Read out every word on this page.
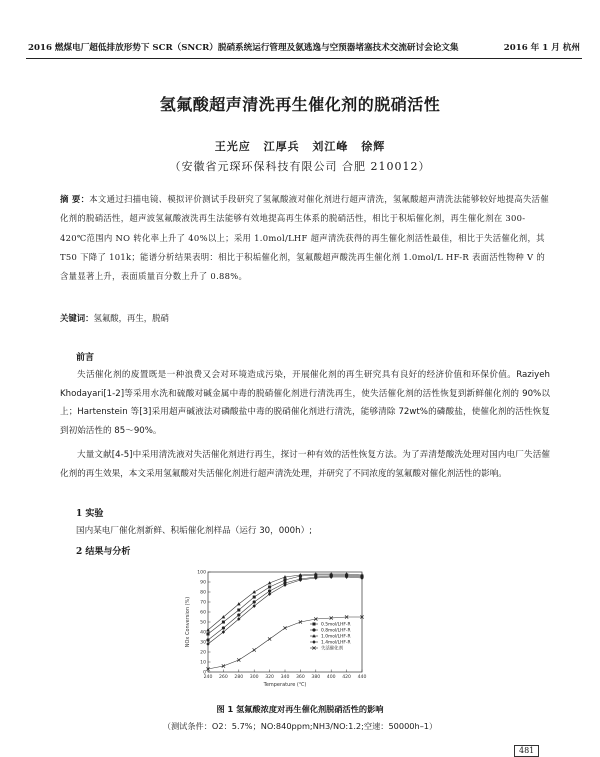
2016 燃煤电厂超低排放形势下 SCR（SNCR）脱硝系统运行管理及氨逃逸与空预器堵塞技术交流研讨会论文集	2016 年 1 月 杭州
氢氟酸超声清洗再生催化剂的脱硝活性
王光应 江厚兵 刘江峰 徐辉
（安徽省元琛环保科技有限公司 合肥 210012）
摘 要：本文通过扫描电镜、模拟评价测试手段研究了氢氟酸液对催化剂进行超声清洗，氢氟酸超声清洗法能够较好地提高失活催化剂的脱硝活性，超声波氢氟酸液洗再生法能够有效地提高再生体系的脱硝活性，相比于积垢催化剂，再生催化剂在 300-420℃范围内 NO 转化率上升了 40%以上；采用 1.0mol/LHF 超声清洗获得的再生催化剂活性最佳，相比于失活催化剂，其 T50 下降了 101k；能谱分析结果表明：相比于积垢催化剂，氢氟酸超声酸洗再生催化剂 1.0mol/L HF-R 表面活性物种 V 的含量显著上升，表面质量百分数上升了 0.88%。
关键词：氢氟酸，再生，脱硝
前言
失活催化剂的废置既是一种浪费又会对环境造成污染，开展催化剂的再生研究具有良好的经济价值和环保价值。Raziyeh Khodayari[1-2]等采用水洗和硫酸对碱金属中毒的脱硝催化剂进行清洗再生，使失活催化剂的活性恢复到新鲜催化剂的 90%以上；Hartenstein 等[3]采用超声碱液法对磷酸盐中毒的脱硝催化剂进行清洗，能够清除 72wt%的磷酸盐，使催化剂的活性恢复到初始活性的 85～90%。
大量文献[4-5]中采用清洗液对失活催化剂进行再生，探讨一种有效的活性恢复方法。为了弄清楚酸洗处理对国内电厂失活催化剂的再生效果，本文采用氢氟酸对失活催化剂进行超声清洗处理，并研究了不同浓度的氢氟酸对催化剂活性的影响。
1 实验
国内某电厂催化剂新鲜、积垢催化剂样品（运行 30，000h）;
2 结果与分析
0
10
20
30
40
50
60
70
80
90
100
240 260 280 300 320 340 360 380 400 420 440
Temperature (℃)
NOx Conversion (%)	0.5mol/LHF-R
0.8mol/LHF-R
1.0mol/LHF-R
1.4mol/LHF-R
失活催化剂
图 1 氢氟酸浓度对再生催化剂脱硝活性的影响
（测试条件：O2：5.7%；NO:840ppm;NH3/NO:1.2;空速：50000h–1）
481
